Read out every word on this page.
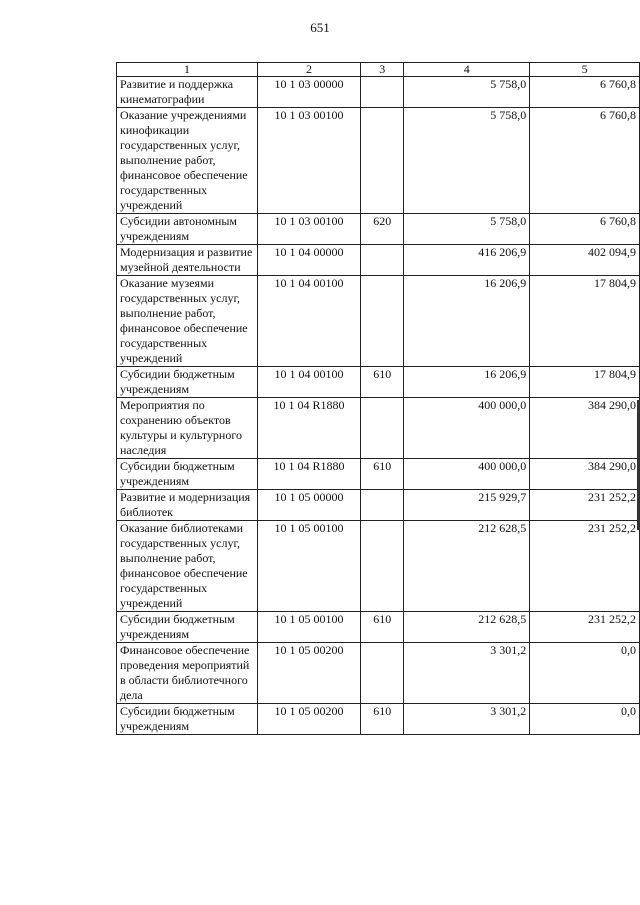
651
1	2	3	4	5
Развитие и поддержка кинематографии	10 1 03 00000		5 758,0	6 760,8
Оказание учреждениями кинофикации государственных услуг, выполнение работ, финансовое обеспечение государственных учреждений	10 1 03 00100		5 758,0	6 760,8
Субсидии автономным учреждениям	10 1 03 00100	620	5 758,0	6 760,8
Модернизация и развитие музейной деятельности	10 1 04 00000		416 206,9	402 094,9
Оказание музеями государственных услуг, выполнение работ, финансовое обеспечение государственных учреждений	10 1 04 00100		16 206,9	17 804,9
Субсидии бюджетным учреждениям	10 1 04 00100	610	16 206,9	17 804,9
Мероприятия по сохранению объектов культуры и культурного наследия	10 1 04 R1880		400 000,0	384 290,0
Субсидии бюджетным учреждениям	10 1 04 R1880	610	400 000,0	384 290,0
Развитие и модернизация библиотек	10 1 05 00000		215 929,7	231 252,2
Оказание библиотеками государственных услуг, выполнение работ, финансовое обеспечение государственных учреждений	10 1 05 00100		212 628,5	231 252,2
Субсидии бюджетным учреждениям	10 1 05 00100	610	212 628,5	231 252,2
Финансовое обеспечение проведения мероприятий в области библиотечного дела	10 1 05 00200		3 301,2	0,0
Субсидии бюджетным учреждениям	10 1 05 00200	610	3 301,2	0,0
